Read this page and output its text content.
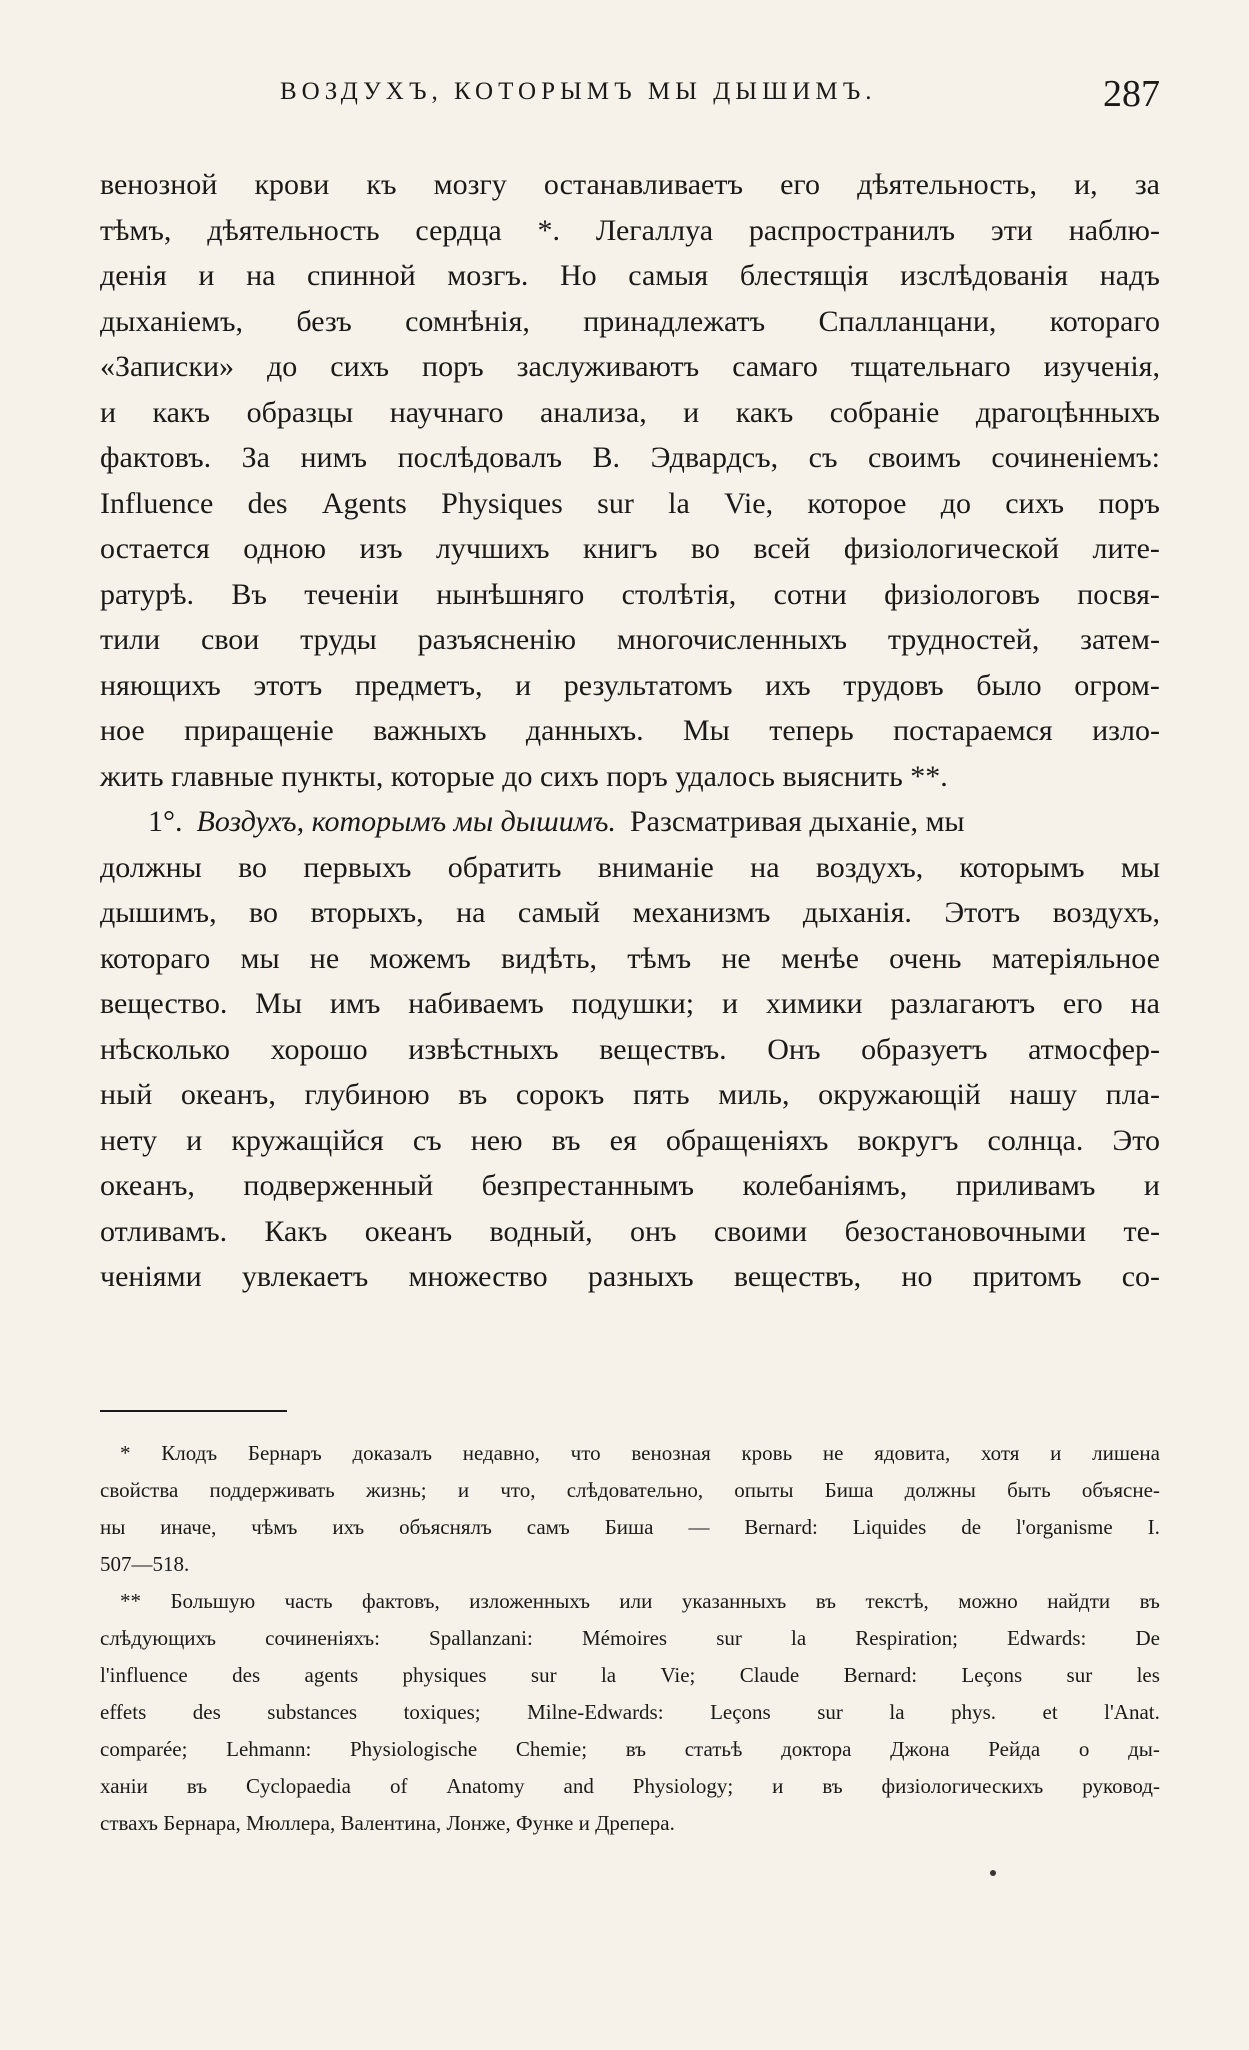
ВОЗДУХЪ, КОТОРЫМЪ МЫ ДЫШИМЪ.	287
венозной крови къ мозгу останавливаетъ его дѣятельность, и, за
тѣмъ, дѣятельность сердца *. Легаллуа распространилъ эти наблю-
денія и на спинной мозгъ. Но самыя блестящія изслѣдованія надъ
дыханіемъ, безъ сомнѣнія, принадлежатъ Спалланцани, котораго
«Записки» до сихъ поръ заслуживаютъ самаго тщательнаго изученія,
и какъ образцы научнаго анализа, и какъ собраніе драгоцѣнныхъ
фактовъ. За нимъ послѣдовалъ В. Эдвардсъ, съ своимъ сочиненіемъ:
Influence des Agents Physiques sur la Vie, которое до сихъ поръ
остается одною изъ лучшихъ книгъ во всей физіологической лите-
ратурѣ. Въ теченіи нынѣшняго столѣтія, сотни физіологовъ посвя-
тили свои труды разъясненію многочисленныхъ трудностей, затем-
няющихъ этотъ предметъ, и результатомъ ихъ трудовъ было огром-
ное приращеніе важныхъ данныхъ. Мы теперь постараемся изло-
жить главные пункты, которые до сихъ поръ удалось выяснить **.
1°. Воздухъ, которымъ мы дышимъ. Разсматривая дыханіе, мы
должны во первыхъ обратить вниманіе на воздухъ, которымъ мы
дышимъ, во вторыхъ, на самый механизмъ дыханія. Этотъ воздухъ,
котораго мы не можемъ видѣть, тѣмъ не менѣе очень матеріяльное
вещество. Мы имъ набиваемъ подушки; и химики разлагаютъ его на
нѣсколько хорошо извѣстныхъ веществъ. Онъ образуетъ атмосфер-
ный океанъ, глубиною въ сорокъ пять миль, окружающій нашу пла-
нету и кружащійся съ нею въ ея обращеніяхъ вокругъ солнца. Это
океанъ, подверженный безпрестаннымъ колебаніямъ, приливамъ и
отливамъ. Какъ океанъ водный, онъ своими безостановочными те-
ченіями увлекаетъ множество разныхъ веществъ, но притомъ со-
* Клодъ Бернаръ доказалъ недавно, что венозная кровь не ядовита, хотя и лишена
свойства поддерживать жизнь; и что, слѣдовательно, опыты Биша должны быть объясне-
ны иначе, чѣмъ ихъ объяснялъ самъ Биша — Bernard: Liquides de l'organisme I.
507—518.
** Большую часть фактовъ, изложенныхъ или указанныхъ въ текстѣ, можно найдти въ
слѣдующихъ сочиненіяхъ: Spallanzani: Mémoires sur la Respiration; Edwards: De
l'influence des agents physiques sur la Vie; Claude Bernard: Leçons sur les
effets des substances toxiques; Milne-Edwards: Leçons sur la phys. et l'Anat.
comparée; Lehmann: Physiologische Chemie; въ статьѣ доктора Джона Рейда о ды-
ханіи въ Cyclopaedia of Anatomy and Physiology; и въ физіологическихъ руковод-
ствахъ Бернара, Мюллера, Валентина, Лонже, Функе и Дрепера.
